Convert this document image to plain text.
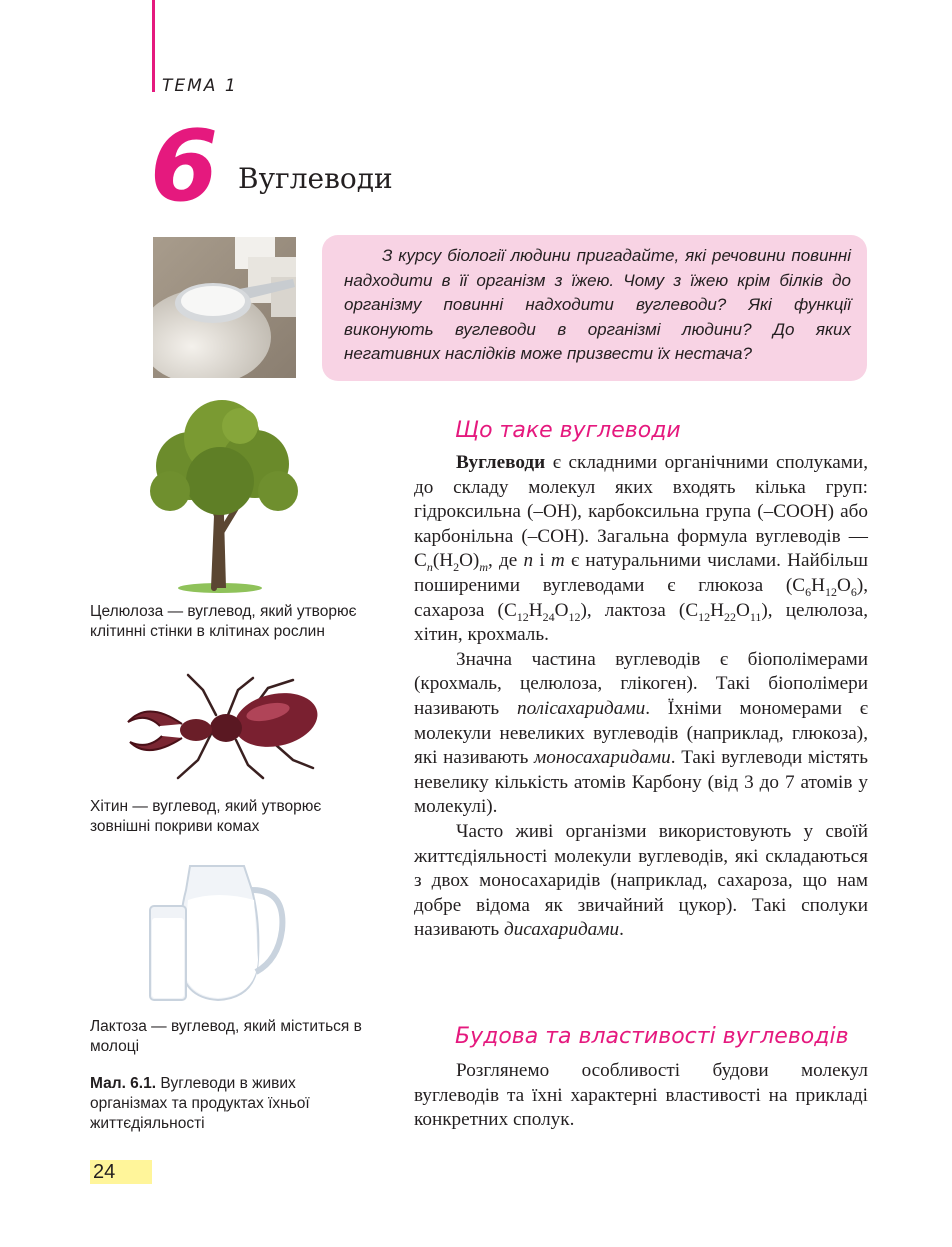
ТЕМА 1
6 Вуглеводи
З курсу біології людини пригадайте, які речовини повинні надходити в її організм з їжею. Чому з їжею крім білків до організму повинні надходити вуглеводи? Які функції виконують вуглеводи в організмі людини? До яких негативних наслідків може призвести їх нестача?
Целюлоза — вуглевод, який утворює клітинні стінки в клітинах рослин
Хітин — вуглевод, який утворює зовнішні покриви комах
Лактоза — вуглевод, який міститься в молоці
Мал. 6.1. Вуглеводи в живих організмах та продуктах їхньої життєдіяльності
Що таке вуглеводи

Вуглеводи є складними органічними сполуками, до складу молекул яких входять кілька груп: гідроксильна (–ОН), карбоксильна група (–СООН) або карбонільна (–СОН). Загальна формула вуглеводів — $C_n(H_2O)_m$, де n і m є натуральними числами. Найбільш поширеними вуглеводами є глюкоза $(C_6H_{12}O_6)$, сахароза $(C_{12}H_{24}O_{12})$, лактоза $(C_{12}H_{22}O_{11})$, целюлоза, хітин, крохмаль.

Значна частина вуглеводів є біополімерами (крохмаль, целюлоза, глікоген). Такі біополімери називають полісахаридами. Їхніми мономерами є молекули невеликих вуглеводів (наприклад, глюкоза), які називають моносахаридами. Такі вуглеводи містять невелику кількість атомів Карбону (від 3 до 7 атомів у молекулі).

Часто живі організми використовують у своїй життєдіяльності молекули вуглеводів, які складаються з двох моносахаридів (наприклад, сахароза, що нам добре відома як звичайний цукор). Такі сполуки називають дисахаридами.

Будова та властивості вуглеводів

Розглянемо особливості будови молекул вуглеводів та їхні характерні властивості на прикладі конкретних сполук.

24
